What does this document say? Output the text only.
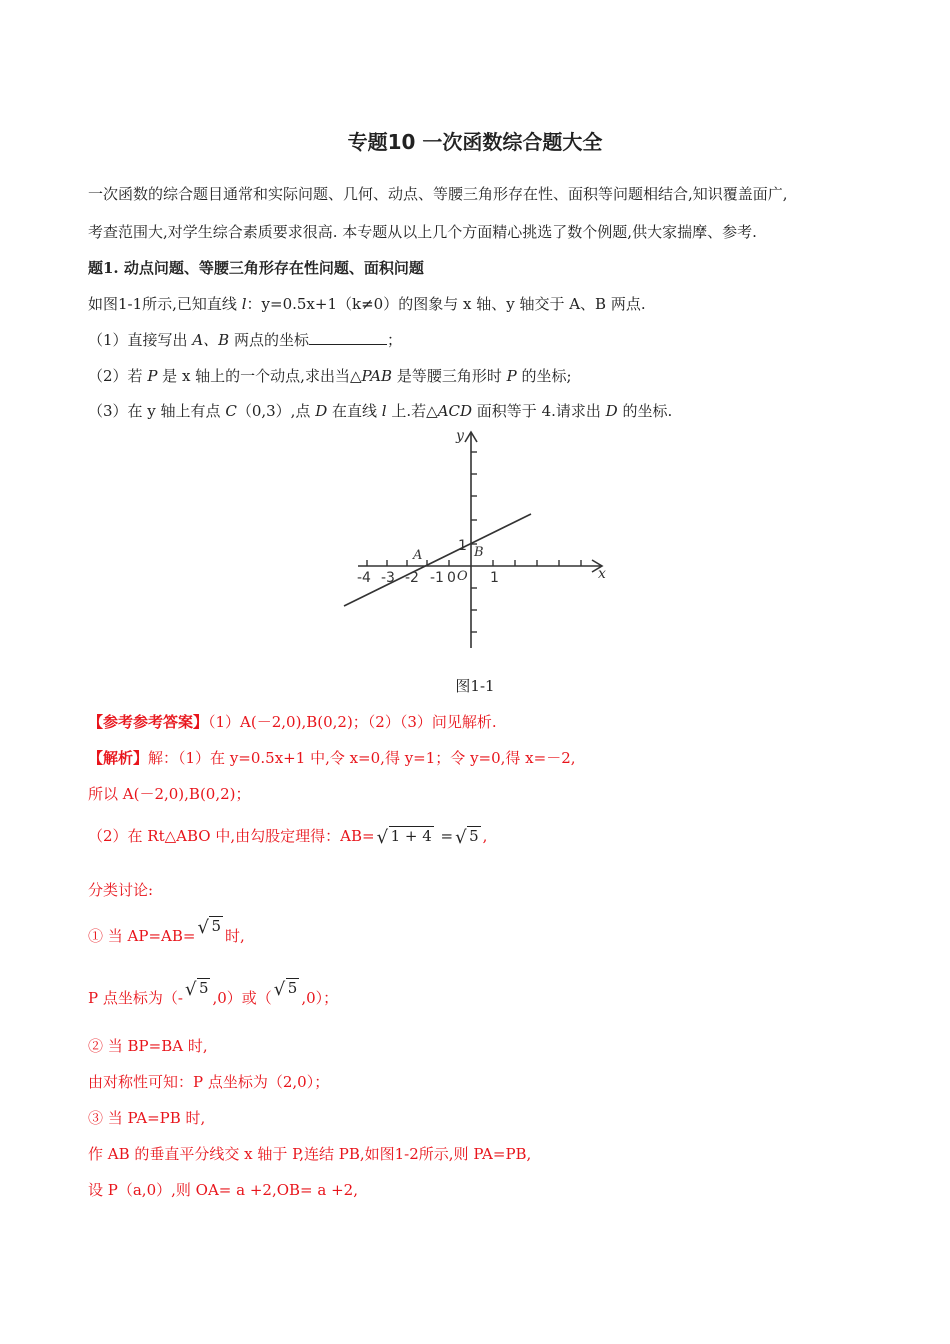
专题10 一次函数综合题大全
一次函数的综合题目通常和实际问题、几何、动点、等腰三角形存在性、面积等问题相结合,知识覆盖面广,
考查范围大,对学生综合素质要求很高. 本专题从以上几个方面精心挑选了数个例题,供大家揣摩、参考.
题1. 动点问题、等腰三角形存在性问题、面积问题
如图1-1所示,已知直线 l：y=0.5x+1（k≠0）的图象与 x 轴、y 轴交于 A、B 两点.
（1）直接写出 A、B 两点的坐标	；
（2）若 P 是 x 轴上的一个动点,求出当△PAB 是等腰三角形时 P 的坐标;
（3）在 y 轴上有点 C（0,3）,点 D 在直线 l 上.若△ACD 面积等于 4.请求出 D 的坐标.
y
x
1 B
A
O
-4 -3 -2 -1 0 1
图1-1
【参考参考答案】（1）A(－2,0),B(0,2)；（2）（3）问见解析.
【解析】解：（1）在 y=0.5x+1 中,令 x=0,得 y=1；令 y=0,得 x=－2,
所以 A(－2,0),B(0,2)；
（2）在 Rt△ABO 中,由勾股定理得：AB= √ 1 + 4 = √ 5 ,
分类讨论:
① 当 AP=AB= √ 5时,
P 点坐标为（- √ 5,0）或（ √ 5,0）；
② 当 BP=BA 时,
由对称性可知：P 点坐标为（2,0）；
③ 当 PA=PB 时,
作 AB 的垂直平分线交 x 轴于 P,连结 PB,如图1-2所示,则 PA=PB,
设 P（a,0）,则 OA= a +2,OB= a +2,
